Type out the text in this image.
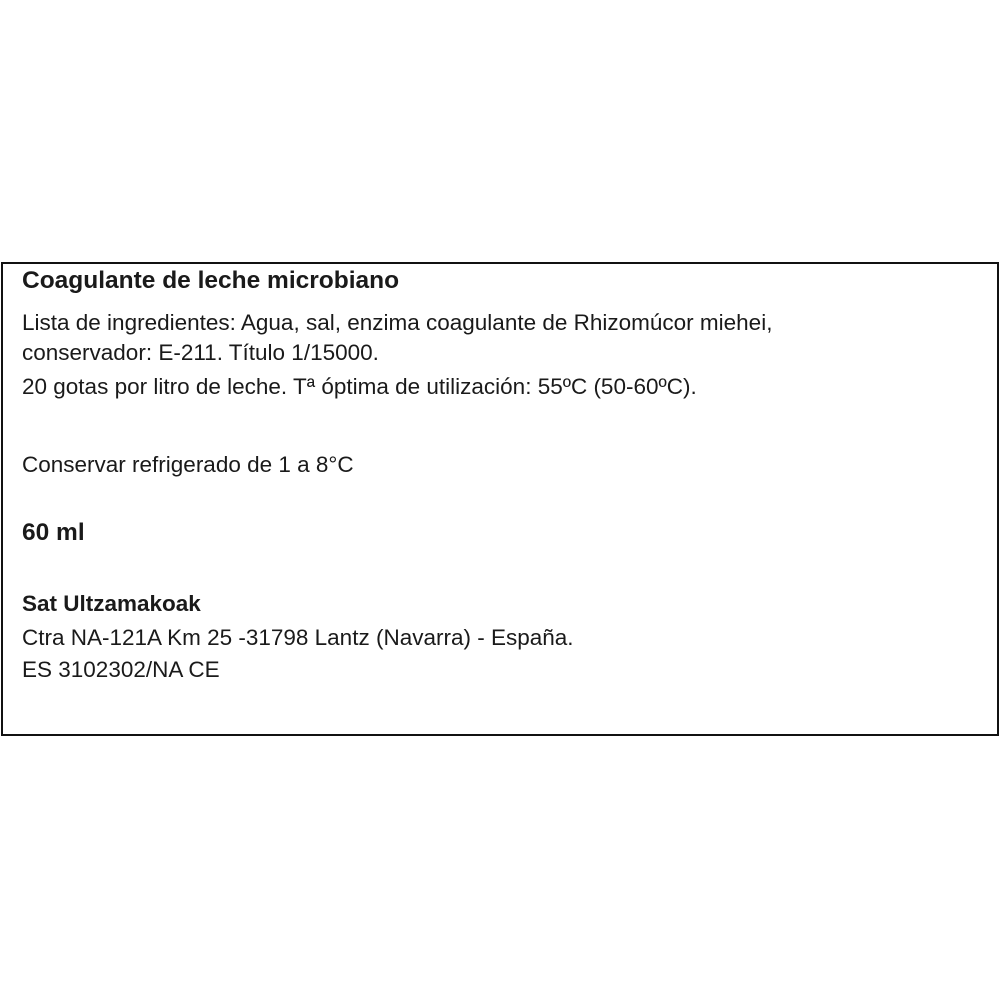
Coagulante de leche microbiano
Lista de ingredientes: Agua, sal, enzima coagulante de Rhizomúcor miehei,
conservador: E-211. Título 1/15000.
20 gotas por litro de leche. Tª óptima de utilización: 55ºC (50-60ºC).
Conservar refrigerado de 1 a 8°C
60 ml
Sat Ultzamakoak
Ctra NA-121A Km 25 -31798 Lantz (Navarra) - España.
ES 3102302/NA CE
